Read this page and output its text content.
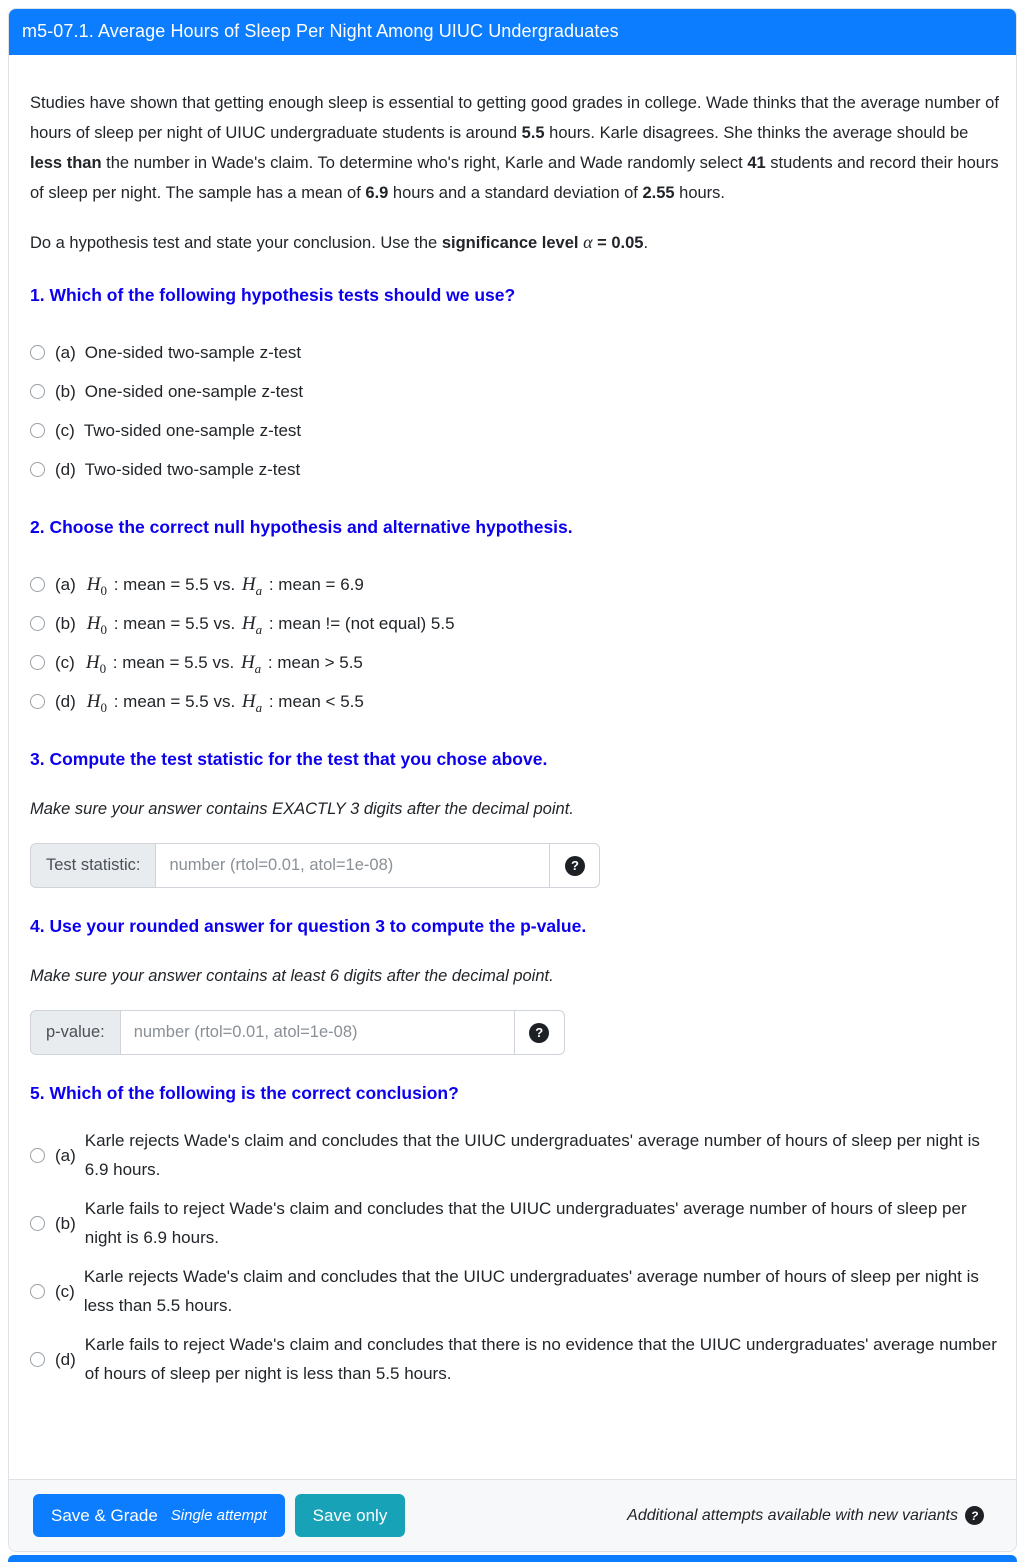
m5-07.1. Average Hours of Sleep Per Night Among UIUC Undergraduates

Studies have shown that getting enough sleep is essential to getting good grades in college. Wade thinks that the average number of hours of sleep per night of UIUC undergraduate students is around 5.5 hours. Karle disagrees. She thinks the average should be less than the number in Wade's claim. To determine who's right, Karle and Wade randomly select 41 students and record their hours of sleep per night. The sample has a mean of 6.9 hours and a standard deviation of 2.55 hours.

Do a hypothesis test and state your conclusion. Use the significance level α = 0.05.

1. Which of the following hypothesis tests should we use?
(a) One-sided two-sample z-test
(b) One-sided one-sample z-test
(c) Two-sided one-sample z-test
(d) Two-sided two-sample z-test
2. Choose the correct null hypothesis and alternative hypothesis.
(a) $H_0$ : mean = 5.5 vs. $H_a$ : mean = 6.9
(b) $H_0$ : mean = 5.5 vs. $H_a$ : mean != (not equal) 5.5
(c) $H_0$ : mean = 5.5 vs. $H_a$ : mean > 5.5
(d) $H_0$ : mean = 5.5 vs. $H_a$ : mean < 5.5
3. Compute the test statistic for the test that you chose above.

Make sure your answer contains EXACTLY 3 digits after the decimal point.

Test statistic:
number (rtol=0.01, atol=1e-08)	?
4. Use your rounded answer for question 3 to compute the p-value.

Make sure your answer contains at least 6 digits after the decimal point.

p-value:
number (rtol=0.01, atol=1e-08)	?
5. Which of the following is the correct conclusion?
(a)
Karle rejects Wade's claim and concludes that the UIUC undergraduates' average number of hours of sleep per night is 6.9 hours.
(b)
Karle fails to reject Wade's claim and concludes that the UIUC undergraduates' average number of hours of sleep per night is 6.9 hours.
(c)
Karle rejects Wade's claim and concludes that the UIUC undergraduates' average number of hours of sleep per night is less than 5.5 hours.
(d)
Karle fails to reject Wade's claim and concludes that there is no evidence that the UIUC undergraduates' average number of hours of sleep per night is less than 5.5 hours.
Save & Grade Single attempt	Save only	Additional attempts available with new variants	?
